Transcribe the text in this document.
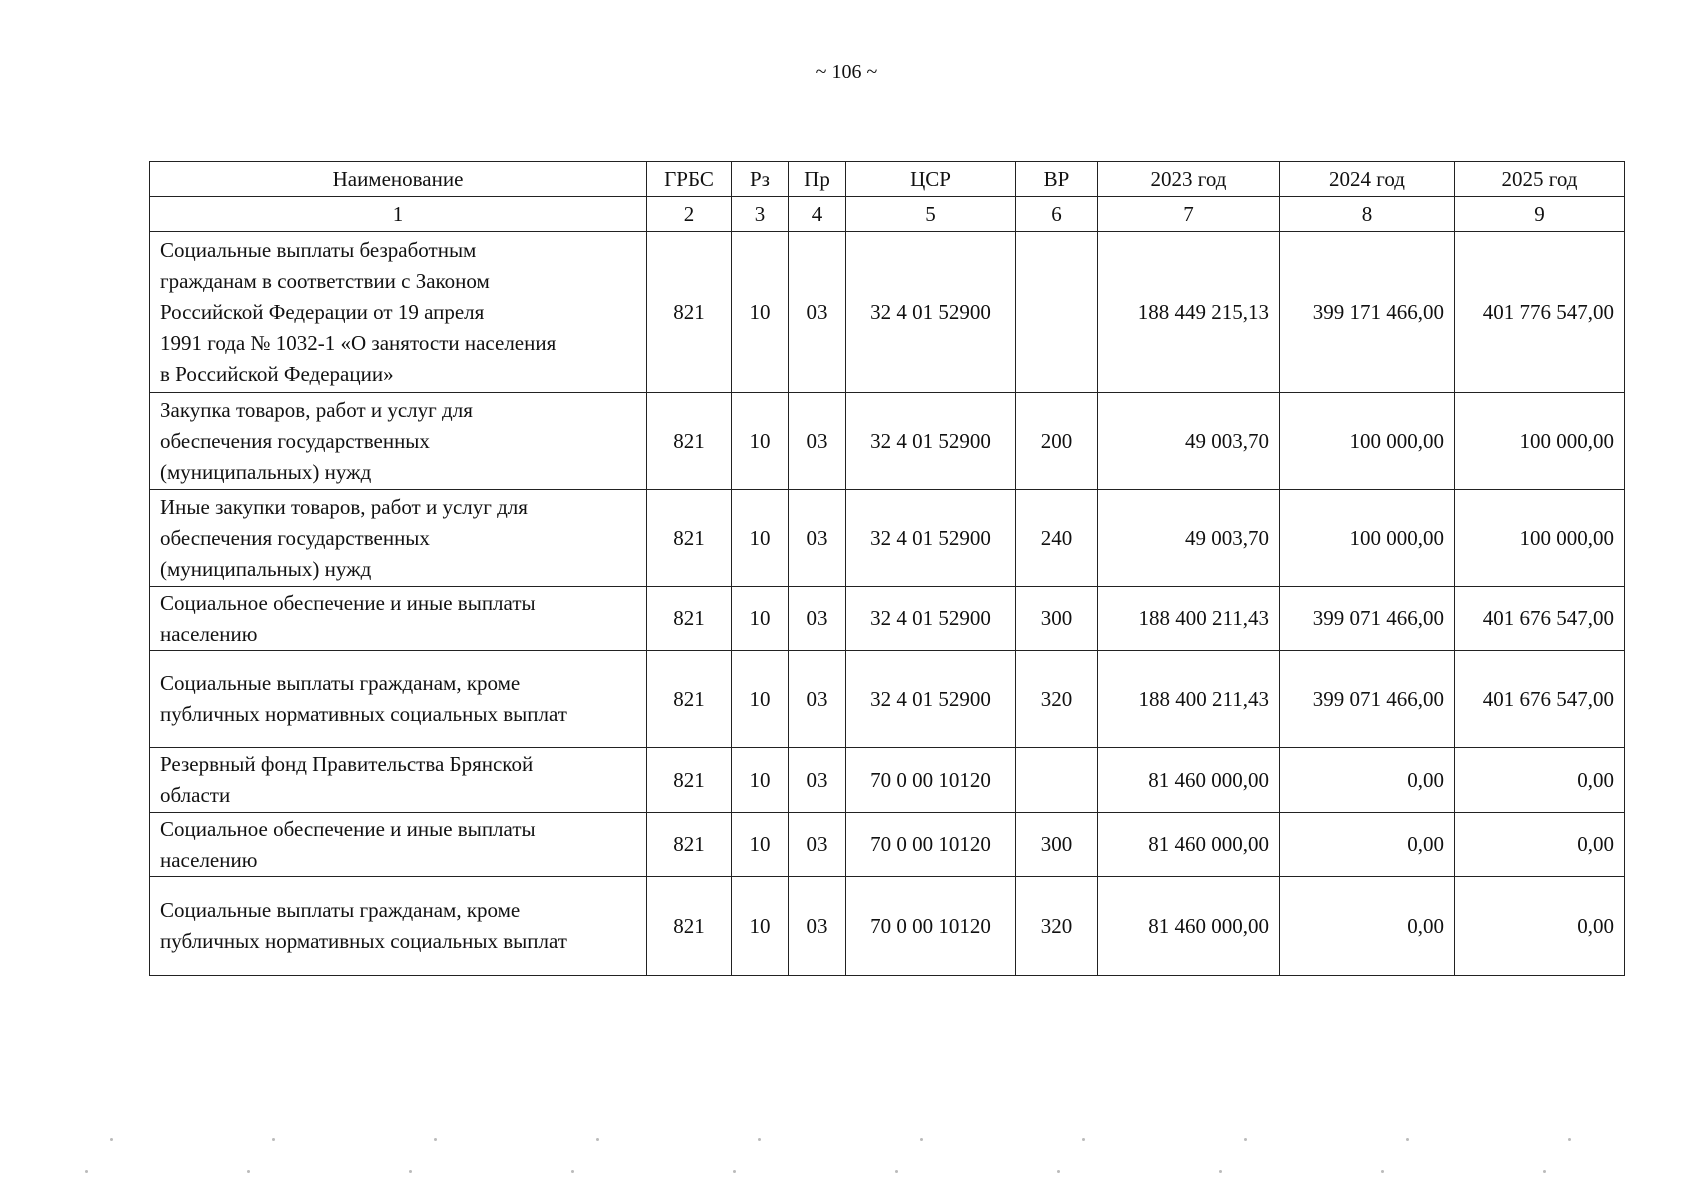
~ 106 ~
Наименование	ГРБС	Рз	Пр	ЦСР	ВР	2023 год	2024 год	2025 год
1	2	3	4	5	6	7	8	9

Социальные выплаты безработным
гражданам в соответствии с Законом
Российской Федерации от 19 апреля
1991 года № 1032-1 «О занятости населения
в Российской Федерации»	821	10	03	32 4 01 52900		188 449 215,13	399 171 466,00	401 776 547,00

Закупка товаров, работ и услуг для
обеспечения государственных
(муниципальных) нужд	821	10	03	32 4 01 52900	200	49 003,70	100 000,00	100 000,00

Иные закупки товаров, работ и услуг для
обеспечения государственных
(муниципальных) нужд	821	10	03	32 4 01 52900	240	49 003,70	100 000,00	100 000,00

Социальное обеспечение и иные выплаты
населению	821	10	03	32 4 01 52900	300	188 400 211,43	399 071 466,00	401 676 547,00

Социальные выплаты гражданам, кроме
публичных нормативных социальных выплат	821	10	03	32 4 01 52900	320	188 400 211,43	399 071 466,00	401 676 547,00

Резервный фонд Правительства Брянской
области	821	10	03	70 0 00 10120		81 460 000,00	0,00	0,00

Социальное обеспечение и иные выплаты
населению	821	10	03	70 0 00 10120	300	81 460 000,00	0,00	0,00

Социальные выплаты гражданам, кроме
публичных нормативных социальных выплат	821	10	03	70 0 00 10120	320	81 460 000,00	0,00	0,00
